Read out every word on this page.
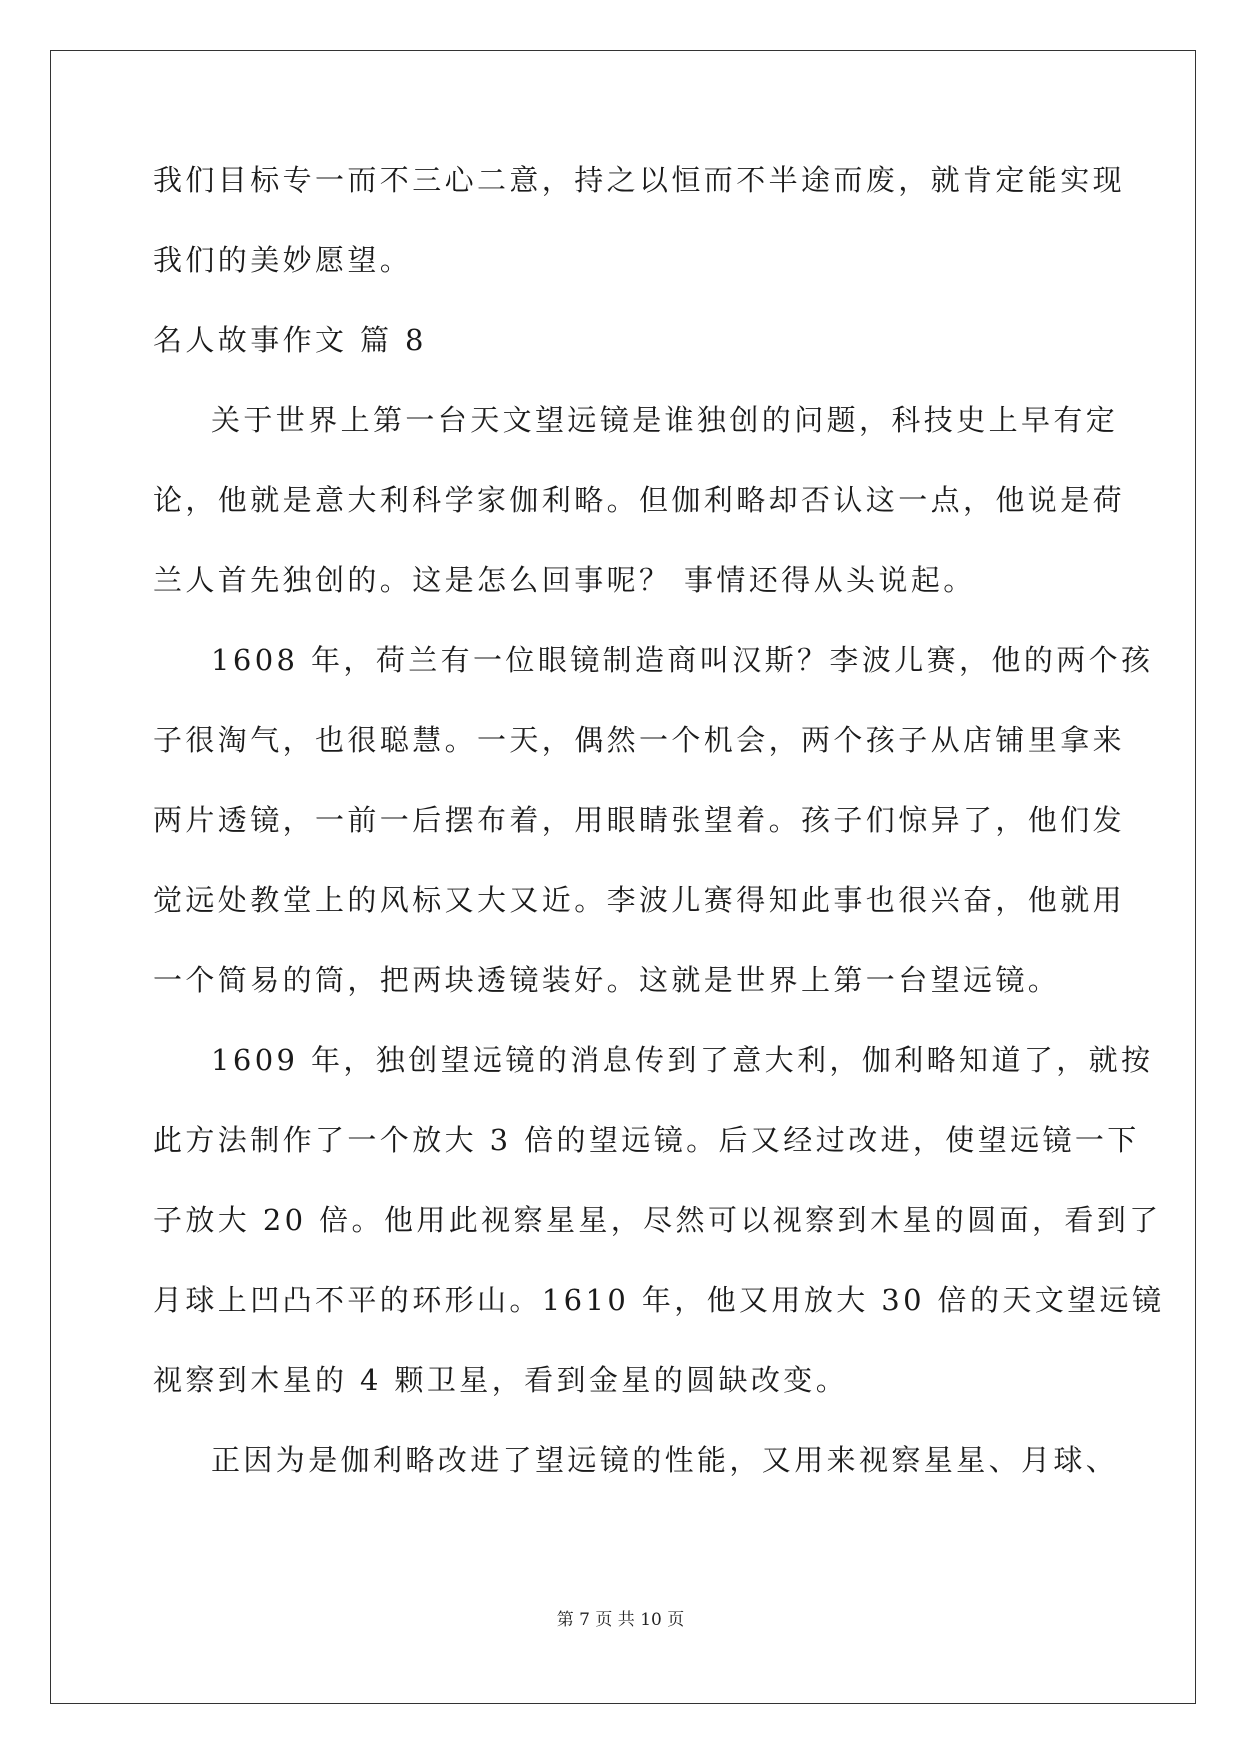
我们目标专一而不三心二意，持之以恒而不半途而废，就肯定能实现
我们的美妙愿望。
名人故事作文 篇 8
关于世界上第一台天文望远镜是谁独创的问题，科技史上早有定
论，他就是意大利科学家伽利略。但伽利略却否认这一点，他说是荷
兰人首先独创的。这是怎么回事呢？ 事情还得从头说起。
1608 年，荷兰有一位眼镜制造商叫汉斯？李波儿赛，他的两个孩
子很淘气，也很聪慧。一天，偶然一个机会，两个孩子从店铺里拿来
两片透镜，一前一后摆布着，用眼睛张望着。孩子们惊异了，他们发
觉远处教堂上的风标又大又近。李波儿赛得知此事也很兴奋，他就用
一个简易的筒，把两块透镜装好。这就是世界上第一台望远镜。
1609 年，独创望远镜的消息传到了意大利，伽利略知道了，就按
此方法制作了一个放大 3 倍的望远镜。后又经过改进，使望远镜一下
子放大 20 倍。他用此视察星星，尽然可以视察到木星的圆面，看到了
月球上凹凸不平的环形山。1610 年，他又用放大 30 倍的天文望远镜
视察到木星的 4 颗卫星，看到金星的圆缺改变。
正因为是伽利略改进了望远镜的性能，又用来视察星星、月球、
第 7 页 共 10 页
